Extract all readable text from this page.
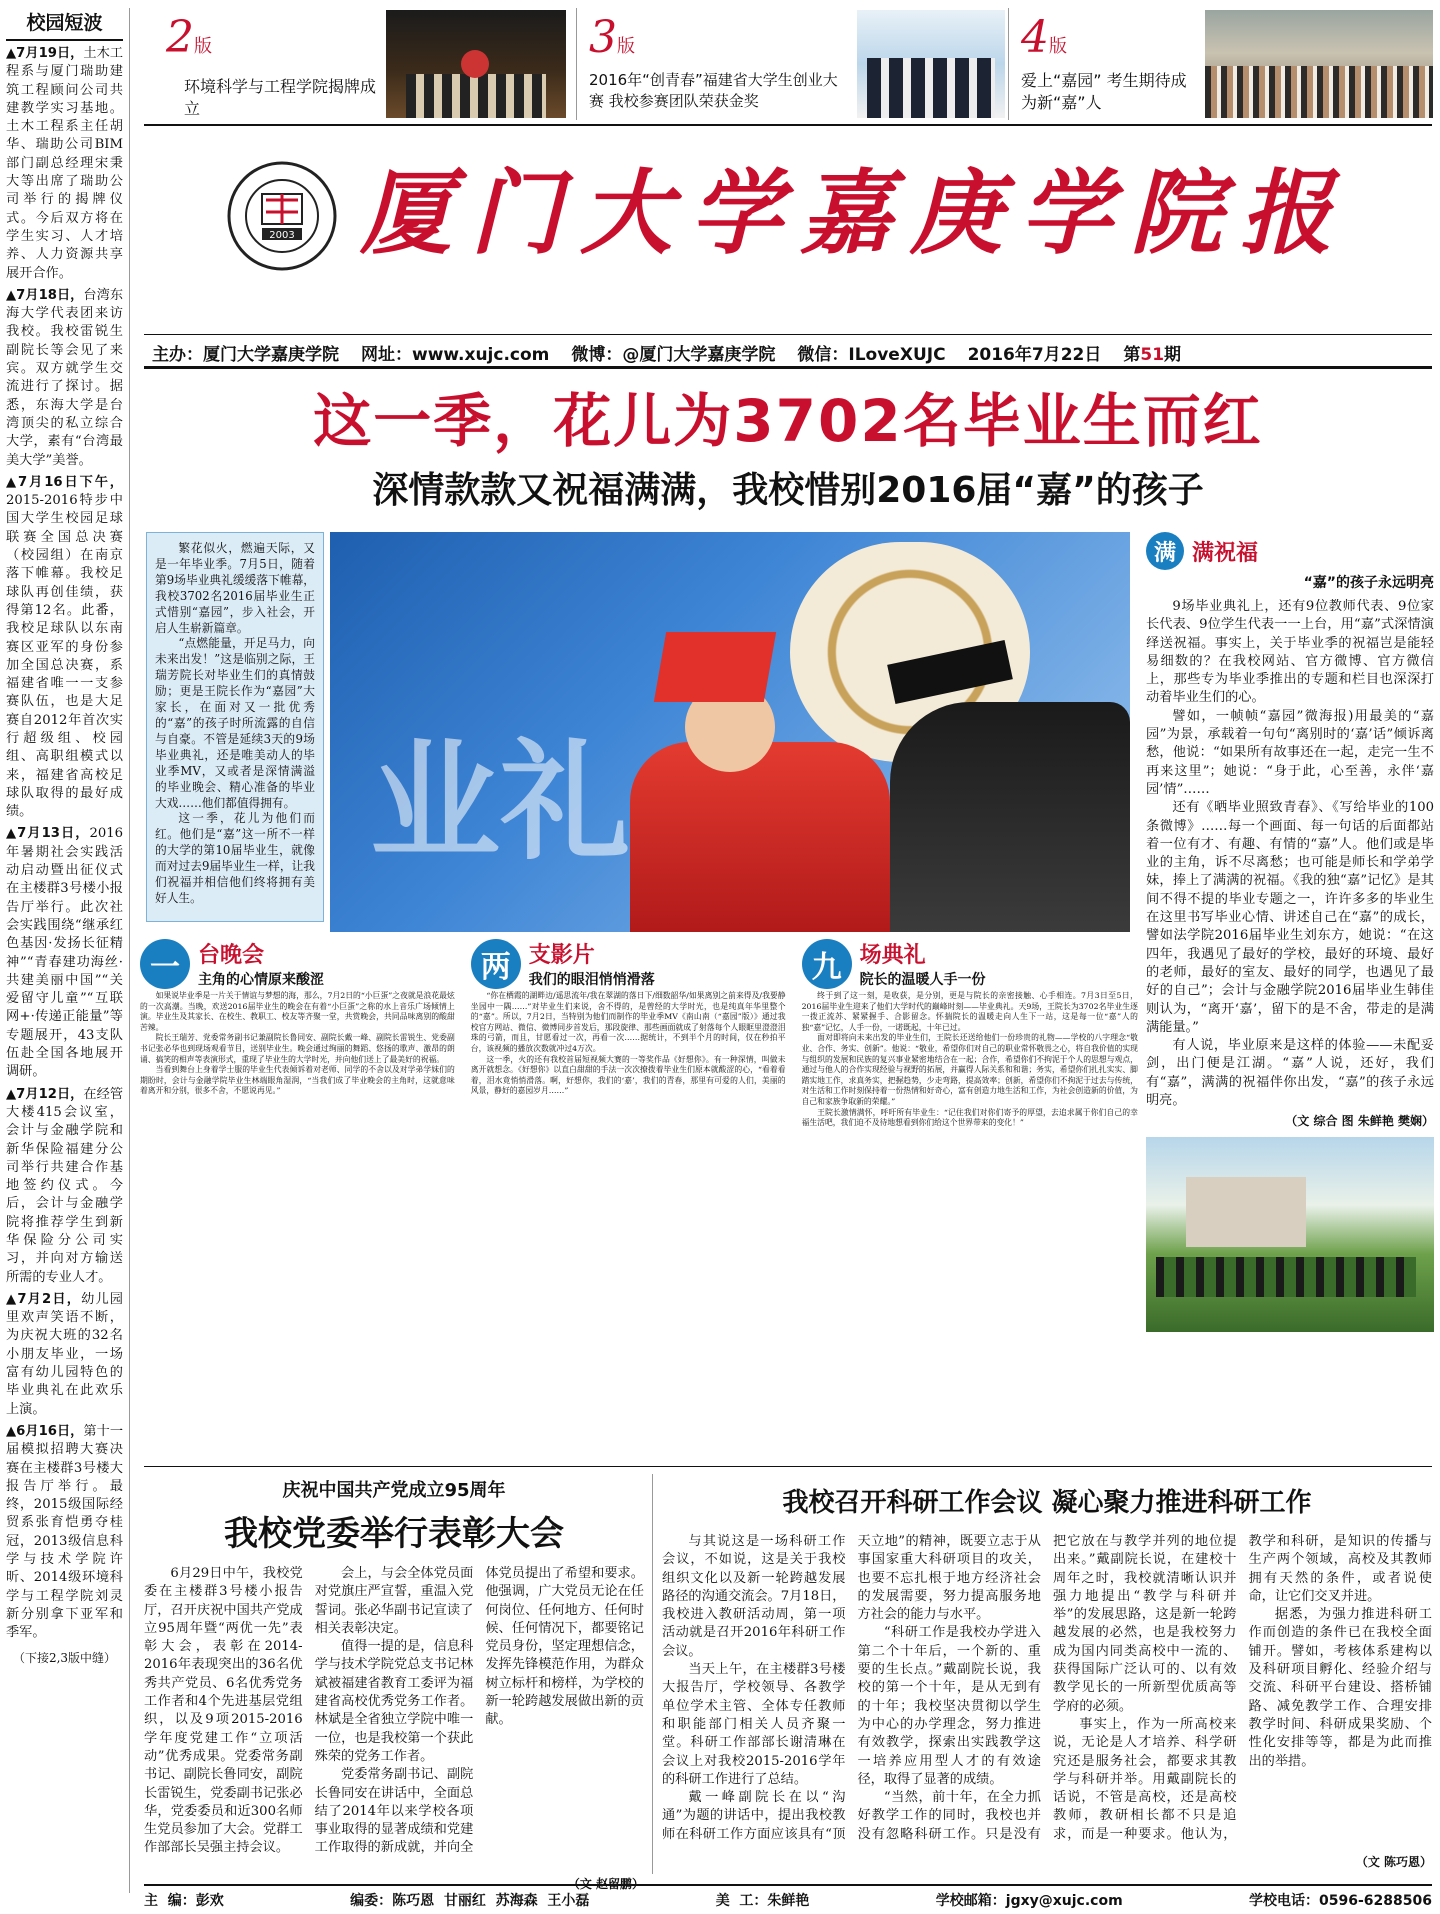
校园短波
▲7月19日，土木工程系与厦门瑞助建筑工程顾问公司共建教学实习基地。土木工程系主任胡华、瑞助公司BIM部门副总经理宋秉大等出席了瑞助公司举行的揭牌仪式。今后双方将在学生实习、人才培养、人力资源共享展开合作。
▲7月18日，台湾东海大学代表团来访我校。我校雷锐生副院长等会见了来宾。双方就学生交流进行了探讨。据悉，东海大学是台湾顶尖的私立综合大学，素有“台湾最美大学”美誉。
▲7月16日下午，2015-2016特步中国大学生校园足球联赛全国总决赛（校园组）在南京落下帷幕。我校足球队再创佳绩，获得第12名。此番，我校足球队以东南赛区亚军的身份参加全国总决赛，系福建省唯一一支参赛队伍，也是大足赛自2012年首次实行超级组、校园组、高职组模式以来，福建省高校足球队取得的最好成绩。
▲7月13日，2016年暑期社会实践活动启动暨出征仪式在主楼群3号楼小报告厅举行。此次社会实践围绕“继承红色基因·发扬长征精神”“青春建功海丝·共建美丽中国”“关爱留守儿童”“互联网+·传递正能量”等专题展开，43支队伍赴全国各地展开调研。
▲7月12日，在经管大楼415会议室，会计与金融学院和新华保险福建分公司举行共建合作基地签约仪式。今后，会计与金融学院将推荐学生到新华保险分公司实习，并向对方输送所需的专业人才。
▲7月2日，幼儿园里欢声笑语不断，为庆祝大班的32名小朋友毕业，一场富有幼儿园特色的毕业典礼在此欢乐上演。
▲6月16日，第十一届模拟招聘大赛决赛在主楼群3号楼大报告厅举行。最终，2015级国际经贸系张育恺勇夺桂冠，2013级信息科学与技术学院许昕、2014级环境科学与工程学院刘灵新分别拿下亚军和季军。
（下接2,3版中缝）
2版
环境科学与工程学院揭牌成立
3版
2016年“创青春”福建省大学生创业大赛 我校参赛团队荣获金奖
4版
爱上“嘉园” 考生期待成为新“嘉”人
2003 厦门大学嘉庚学院报
主办：厦门大学嘉庚学院 网址：www.xujc.com 微博：@厦门大学嘉庚学院 微信：ILoveXUJC 2016年7月22日 第51期
这一季，花儿为3702名毕业生而红
深情款款又祝福满满，我校惜别2016届“嘉”的孩子

繁花似火，燃遍天际，又是一年毕业季。7月5日，随着第9场毕业典礼缓缓落下帷幕，我校3702名2016届毕业生正式惜别“嘉园”，步入社会，开启人生崭新篇章。

“点燃能量，开足马力，向未来出发！”这是临别之际，王瑞芳院长对毕业生们的真情鼓励；更是王院长作为“嘉园”大家长，在面对又一批优秀的“嘉”的孩子时所流露的自信与自豪。不管是延续3天的9场毕业典礼，还是唯美动人的毕业季MV，又或者是深情满溢的毕业晚会、精心准备的毕业大戏……他们都值得拥有。

这一季，花儿为他们而红。他们是“嘉”这一所不一样的大学的第10届毕业生，就像而对过去9届毕业生一样，让我们祝福并相信他们终将拥有美好人生。

业礼
满 满祝福
“嘉”的孩子永远明亮

9场毕业典礼上，还有9位教师代表、9位家长代表、9位学生代表一一上台，用“嘉”式深情演绎送祝福。事实上，关于毕业季的祝福岂是能轻易细数的？在我校网站、官方微博、官方微信上，那些专为毕业季推出的专题和栏目也深深打动着毕业生们的心。

譬如，一帧帧“嘉园”微海报)用最美的“嘉园”为景，承载着一句句“离别时的‘嘉’话”倾诉离愁，他说：“如果所有故事还在一起，走完一生不再来这里”；她说：“身于此，心至善，永伴‘嘉园’情”……

还有《晒毕业照致青春》、《写给毕业的100条微博》……每一个画面、每一句话的后面都站着一位有才、有趣、有情的“嘉”人。他们或是毕业的主角，诉不尽离愁；也可能是师长和学弟学妹，捧上了满满的祝福。《我的独“嘉”记忆》是其间不得不提的毕业专题之一，许许多多的毕业生在这里书写毕业心情、讲述自己在“嘉”的成长，譬如法学院2016届毕业生刘东方，她说：“在这四年，我遇见了最好的学校，最好的环境、最好的老师，最好的室友、最好的同学，也遇见了最好的自己”；会计与金融学院2016届毕业生韩佳则认为，“离开‘嘉’，留下的是不舍，带走的是满满能量。”

有人说，毕业原来是这样的体验——未配妥剑，出门便是江湖。“嘉”人说，还好，我们有“嘉”，满满的祝福伴你出发，“嘉”的孩子永远明亮。

（文 综合 图 朱鲜艳 樊娴）
一 台晚会
主角的心情原来酸涩

如果说毕业季是一片关于情谊与梦想的海，那么，7月2日的“小巨蛋”之夜就是浪花最炫的一次高潮。当晚，欢送2016届毕业生的晚会在有着“小巨蛋”之称的水上音乐广场倾情上演。毕业生及其家长、在校生、教职工、校友等齐聚一堂，共赏晚会，共同品味离别的酸甜苦辣。

院长王瑞芳、党委常务副书记兼副院长鲁同安、副院长戴一峰、副院长雷锐生、党委副书记张必华也到现场观看节目，送别毕业生。晚会通过绚丽的舞蹈、悠扬的歌声、激昂的朗诵、搞笑的相声等表演形式，重现了毕业生的大学时光，并向他们送上了最美好的祝福。

当看到舞台上身着学士服的毕业生代表倾诉着对老师、同学的不舍以及对学弟学妹们的期盼时，会计与金融学院毕业生林端眼角湿润，“当我们成了毕业晚会的主角时，这就意味着离开和分别，很多不舍，不愿说再见。”

两 支影片
我们的眼泪悄悄滑落

“你在栖霞的湖畔边/遥思流年/我在翠湖的落日下/细数韶华/如果离别之前来得及/我要静坐园中一隅……”对毕业生们来说，舍不得的，是曾经的大学时光，也是纯真年华里整个的“嘉”。所以，7月2日，当特别为他们而制作的毕业季MV《南山南（“嘉园”版）》通过我校官方网站、微信、微博同步首发后，那段旋律、那些画面就成了射落每个人眼眶里澄澄泪珠的弓箭，而且，甘愿看过一次，再看一次……据统计，不到半个月的时间，仅在秒拍平台，该视频的播放次数就冲过4万次。

这一季，火的还有我校首届短视频大赛的一等奖作品《好想你》。有一种深情，叫做未离开就想念。《好想你》以直白甜甜的手法一次次撩拨着毕业生们原本就酸涩的心，“看着看着，泪水竟悄悄滑落。啊，好想你，我们的‘嘉’，我们的青春，那里有可爱的人们，美丽的风景，静好的嘉园岁月……”

九 场典礼
院长的温暖人手一份

终于到了这一刻，是收获，是分别，更是与院长的亲密接触、心手相连。7月3日至5日，2016届毕业生迎来了他们大学时代的巅峰时刻——毕业典礼。天9场，王院长为3702名毕业生逐一拨正流苏、紧紧握手、合影留念。怀揣院长的温暖走向人生下一站，这是每一位“嘉”人的独“嘉”记忆，人手一份，一诺既起，十年已过。

面对即将向未来出发的毕业生们，王院长还送给他们一份珍贵的礼物——学校的八字理念“敬业、合作、务实、创新”。他说：“敬业，希望你们对自己的职业常怀敬畏之心，将自我价值的实现与组织的发展和民族的复兴事业紧密地结合在一起；合作，希望你们不拘泥于个人的思想与观点，通过与他人的合作实现经验与视野的拓展，并赢得人际关系和和谐；务实，希望你们扎扎实实、脚踏实地工作，求真务实，把握趋势，少走弯路，提高效率；创新，希望你们不拘泥于过去与传统，对生活和工作时刻保持着一份热情和好奇心，富有创造力地生活和工作，为社会创造新的价值，为自己和家族争取新的荣耀。”

王院长激情满怀，呼吁所有毕业生：“记住我们对你们寄予的厚望，去追求属于你们自己的幸福生活吧，我们迫不及待地想看到你们给这个世界带来的变化！”

庆祝中国共产党成立95周年
我校党委举行表彰大会

6月29日中午，我校党委在主楼群3号楼小报告厅，召开庆祝中国共产党成立95周年暨“两优一先”表彰大会，表彰在2014-2016年表现突出的36名优秀共产党员、6名优秀党务工作者和4个先进基层党组织，以及9项2015-2016学年度党建工作“立项活动”优秀成果。党委常务副书记、副院长鲁同安，副院长雷锐生，党委副书记张必华，党委委员和近300名师生党员参加了大会。党群工作部部长吴强主持会议。

会上，与会全体党员面对党旗庄严宣誓，重温入党誓词。张必华副书记宣读了相关表彰决定。

值得一提的是，信息科学与技术学院党总支书记林斌被福建省教育工委评为福建省高校优秀党务工作者。林斌是全省独立学院中唯一一位，也是我校第一个获此殊荣的党务工作者。

党委常务副书记、副院长鲁同安在讲话中，全面总结了2014年以来学校各项事业取得的显著成绩和党建工作取得的新成就，并向全体党员提出了希望和要求。他强调，广大党员无论在任何岗位、任何地方、任何时候、任何情况下，都要铭记党员身份，坚定理想信念，发挥先锋模范作用，为群众树立标杆和榜样，为学校的新一轮跨越发展做出新的贡献。

我校召开科研工作会议 凝心聚力推进科研工作

与其说这是一场科研工作会议，不如说，这是关于我校组织文化以及新一轮跨越发展路径的沟通交流会。7月18日，我校进入教研活动周，第一项活动就是召开2016年科研工作会议。

当天上午，在主楼群3号楼大报告厅，学校领导、各教学单位学术主管、全体专任教师和职能部门相关人员齐聚一堂。科研工作部部长谢清琳在会议上对我校2015-2016学年的科研工作进行了总结。

戴一峰副院长在以“沟通”为题的讲话中，提出我校教师在科研工作方面应该具有“顶天立地”的精神，既要立志于从事国家重大科研项目的攻关，也要不忘扎根于地方经济社会的发展需要，努力提高服务地方社会的能力与水平。

“科研工作是我校办学进入第二个十年后，一个新的、重要的生长点。”戴副院长说，我校的第一个十年，是从无到有的十年；我校坚决贯彻以学生为中心的办学理念，努力推进有效教学，探索出实践教学这一培养应用型人才的有效途径，取得了显著的成绩。

“当然，前十年，在全力抓好教学工作的同时，我校也并没有忽略科研工作。只是没有把它放在与教学并列的地位提出来。”戴副院长说，在建校十周年之时，我校就清晰认识并强力地提出“教学与科研并举”的发展思路，这是新一轮跨越发展的必然，也是我校努力成为国内同类高校中一流的、获得国际广泛认可的、以有效教学见长的一所新型优质高等学府的必须。

事实上，作为一所高校来说，无论是人才培养、科学研究还是服务社会，都要求其教学与科研并举。用戴副院长的话说，不管是高校，还是高校教师，教研相长都不只是追求，而是一种要求。他认为，教学和科研，是知识的传播与生产两个领域，高校及其教师拥有天然的条件，或者说使命，让它们交叉并进。

据悉，为强力推进科研工作而创造的条件已在我校全面铺开。譬如，考核体系建构以及科研项目孵化、经验介绍与交流、科研平台建设、搭桥铺路、减免教学工作、合理安排教学时间、科研成果奖励、个性化安排等等，都是为此而推出的举措。

（文 陈巧恩）
主  编：彭欢	编委：陈巧恩  甘丽红  苏海森  王小磊	美  工：朱鲜艳	学校邮箱：jgxy@xujc.com	学校电话：0596-6288506
